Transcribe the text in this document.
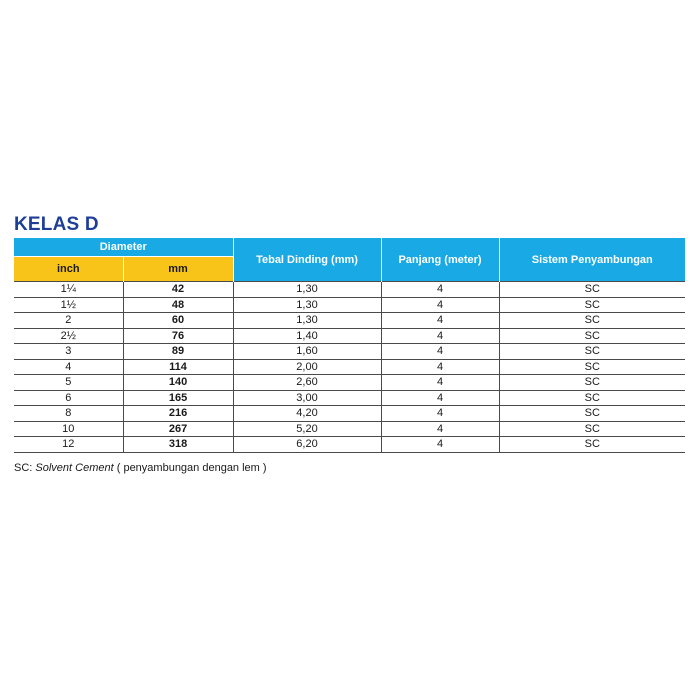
KELAS D
Diameter		Tebal Dinding (mm)	Panjang (meter)	Sistem Penyambungan
inch	mm			
1¼	42	1,30	4	SC
1½	48	1,30	4	SC
2	60	1,30	4	SC
2½	76	1,40	4	SC
3	89	1,60	4	SC
4	114	2,00	4	SC
5	140	2,60	4	SC
6	165	3,00	4	SC
8	216	4,20	4	SC
10	267	5,20	4	SC
12	318	6,20	4	SC
SC: Solvent Cement ( penyambungan dengan lem )
